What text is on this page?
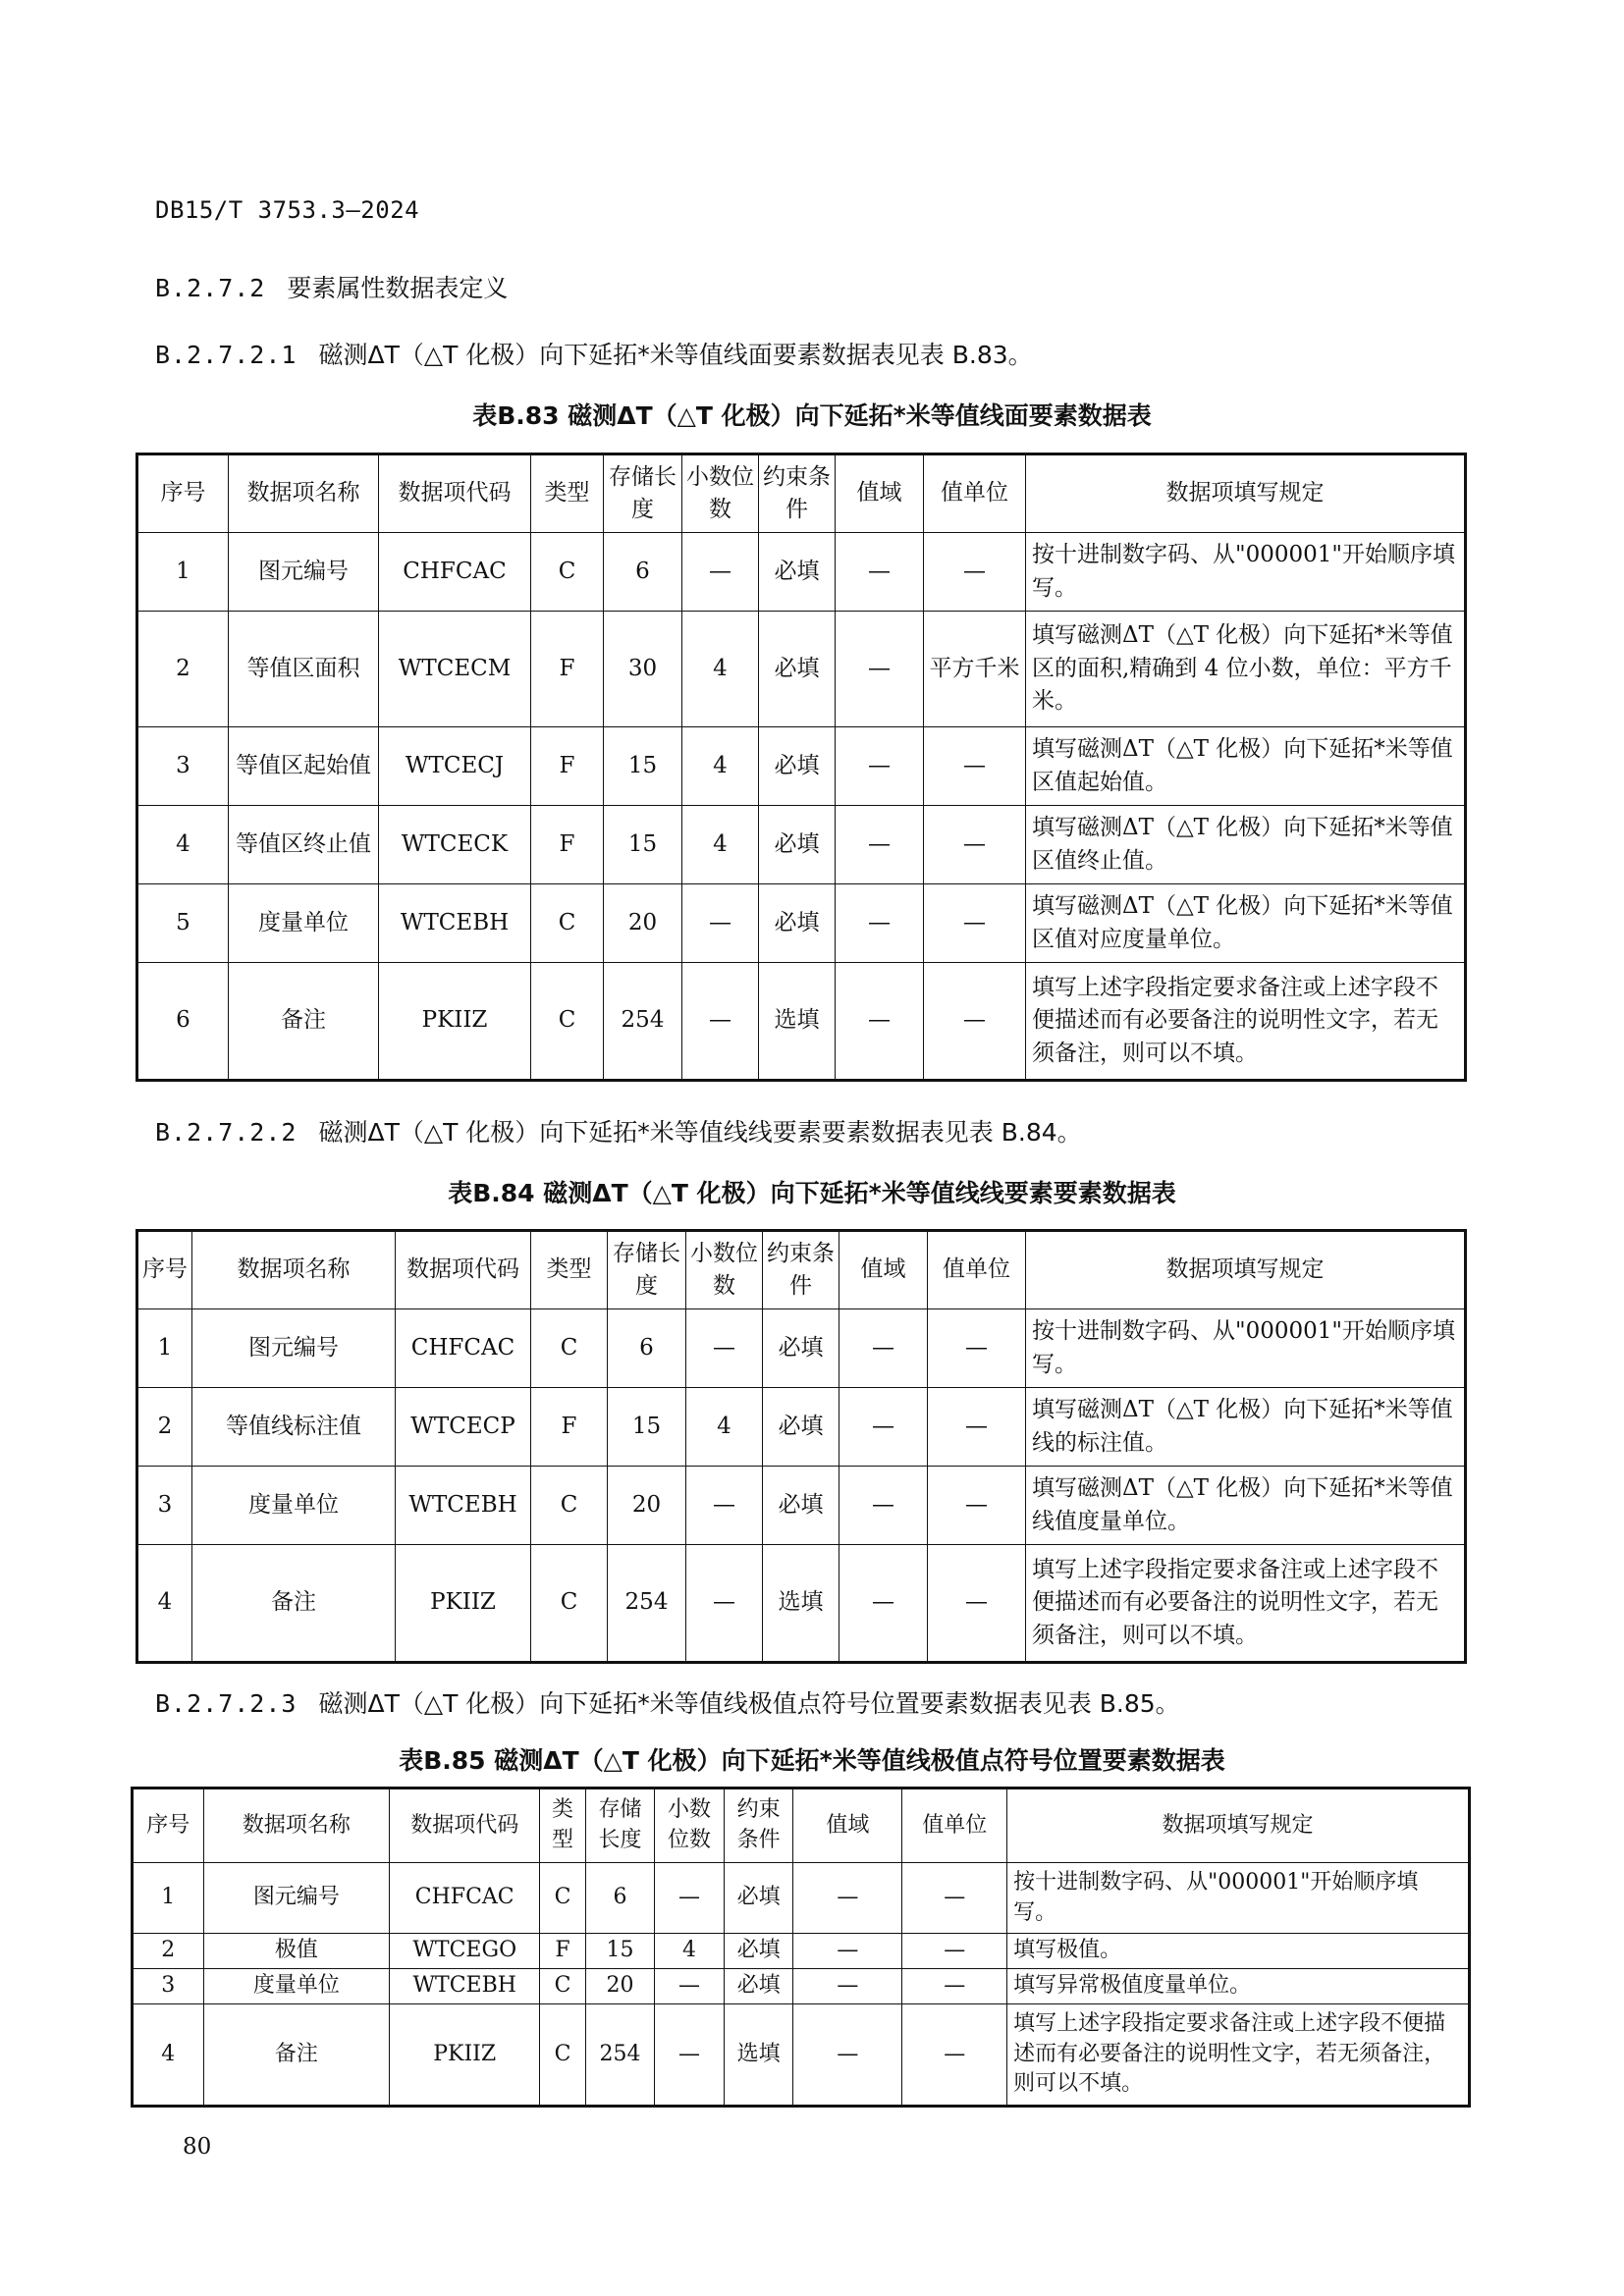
DB15/T 3753.3—2024
B.2.7.2 要素属性数据表定义
B.2.7.2.1 磁测ΔT（△T 化极）向下延拓*米等值线面要素数据表见表 B.83。
表B.83 磁测ΔT（△T 化极）向下延拓*米等值线面要素数据表
序号	数据项名称	数据项代码	类型	存储长度	小数位数	约束条件	值域	值单位	数据项填写规定
1	图元编号	CHFCAC	C	6	—	必填	—	—	按十进制数字码、从"000001"开始顺序填写。
2	等值区面积	WTCECM	F	30	4	必填	—	平方千米	填写磁测ΔT（△T 化极）向下延拓*米等值区的面积,精确到 4 位小数，单位：平方千米。
3	等值区起始值	WTCECJ	F	15	4	必填	—	—	填写磁测ΔT（△T 化极）向下延拓*米等值区值起始值。
4	等值区终止值	WTCECK	F	15	4	必填	—	—	填写磁测ΔT（△T 化极）向下延拓*米等值区值终止值。
5	度量单位	WTCEBH	C	20	—	必填	—	—	填写磁测ΔT（△T 化极）向下延拓*米等值区值对应度量单位。
6	备注	PKIIZ	C	254	—	选填	—	—	填写上述字段指定要求备注或上述字段不便描述而有必要备注的说明性文字，若无须备注，则可以不填。
B.2.7.2.2 磁测ΔT（△T 化极）向下延拓*米等值线线要素要素数据表见表 B.84。
表B.84 磁测ΔT（△T 化极）向下延拓*米等值线线要素要素数据表
序号	数据项名称	数据项代码	类型	存储长度	小数位数	约束条件	值域	值单位	数据项填写规定
1	图元编号	CHFCAC	C	6	—	必填	—	—	按十进制数字码、从"000001"开始顺序填写。
2	等值线标注值	WTCECP	F	15	4	必填	—	—	填写磁测ΔT（△T 化极）向下延拓*米等值线的标注值。
3	度量单位	WTCEBH	C	20	—	必填	—	—	填写磁测ΔT（△T 化极）向下延拓*米等值线值度量单位。
4	备注	PKIIZ	C	254	—	选填	—	—	填写上述字段指定要求备注或上述字段不便描述而有必要备注的说明性文字，若无须备注，则可以不填。
B.2.7.2.3 磁测ΔT（△T 化极）向下延拓*米等值线极值点符号位置要素数据表见表 B.85。
表B.85 磁测ΔT（△T 化极）向下延拓*米等值线极值点符号位置要素数据表
序号	数据项名称	数据项代码	类型	存储长度	小数位数	约束条件	值域	值单位	数据项填写规定
1	图元编号	CHFCAC	C	6	—	必填	—	—	按十进制数字码、从"000001"开始顺序填写。
2	极值	WTCEGO	F	15	4	必填	—	—	填写极值。
3	度量单位	WTCEBH	C	20	—	必填	—	—	填写异常极值度量单位。
4	备注	PKIIZ	C	254	—	选填	—	—	填写上述字段指定要求备注或上述字段不便描述而有必要备注的说明性文字，若无须备注，则可以不填。
80
